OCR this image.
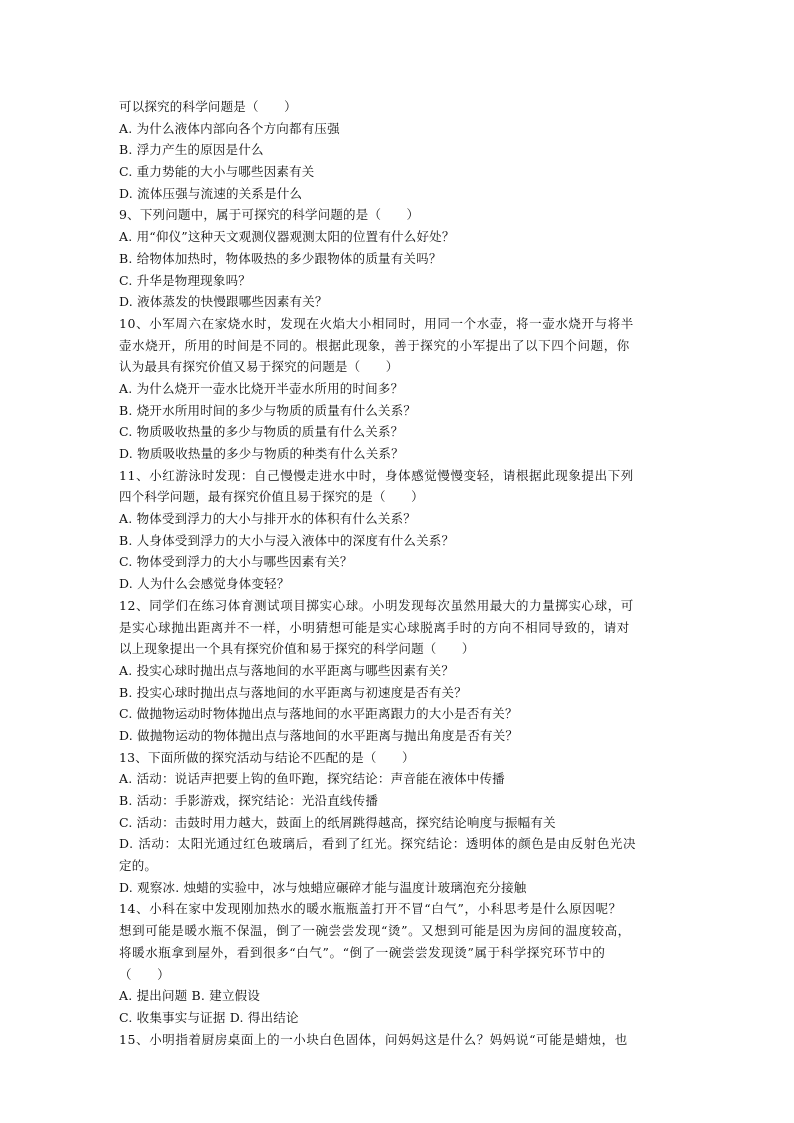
可以探究的科学问题是（　　）
A. 为什么液体内部向各个方向都有压强
B. 浮力产生的原因是什么
C. 重力势能的大小与哪些因素有关
D. 流体压强与流速的关系是什么
9、下列问题中，属于可探究的科学问题的是（　　）
A. 用“仰仪”这种天文观测仪器观测太阳的位置有什么好处？
B. 给物体加热时，物体吸热的多少跟物体的质量有关吗？
C. 升华是物理现象吗？
D. 液体蒸发的快慢跟哪些因素有关？
10、小军周六在家烧水时，发现在火焰大小相同时，用同一个水壶，将一壶水烧开与将半
壶水烧开，所用的时间是不同的。根据此现象，善于探究的小军提出了以下四个问题，你
认为最具有探究价值又易于探究的问题是（　　）
A. 为什么烧开一壶水比烧开半壶水所用的时间多？
B. 烧开水所用时间的多少与物质的质量有什么关系？
C. 物质吸收热量的多少与物质的质量有什么关系？
D. 物质吸收热量的多少与物质的种类有什么关系？
11、小红游泳时发现：自己慢慢走进水中时，身体感觉慢慢变轻，请根据此现象提出下列
四个科学问题，最有探究价值且易于探究的是（　　）
A. 物体受到浮力的大小与排开水的体积有什么关系？
B. 人身体受到浮力的大小与浸入液体中的深度有什么关系？
C. 物体受到浮力的大小与哪些因素有关？
D. 人为什么会感觉身体变轻？
12、同学们在练习体育测试项目掷实心球。小明发现每次虽然用最大的力量掷实心球，可
是实心球抛出距离并不一样，小明猜想可能是实心球脱离手时的方向不相同导致的，请对
以上现象提出一个具有探究价值和易于探究的科学问题（　　）
A. 投实心球时抛出点与落地间的水平距离与哪些因素有关？
B. 投实心球时抛出点与落地间的水平距离与初速度是否有关？
C. 做抛物运动时物体抛出点与落地间的水平距离跟力的大小是否有关？
D. 做抛物运动的物体抛出点与落地间的水平距离与抛出角度是否有关？
13、下面所做的探究活动与结论不匹配的是（　　）
A. 活动：说话声把要上钩的鱼吓跑，探究结论：声音能在液体中传播
B. 活动：手影游戏，探究结论：光沿直线传播
C. 活动：击鼓时用力越大，鼓面上的纸屑跳得越高，探究结论响度与振幅有关
D. 活动：太阳光通过红色玻璃后，看到了红光。探究结论：透明体的颜色是由反射色光决
定的。
D. 观察冰. 烛蜡的实验中，冰与烛蜡应碾碎才能与温度计玻璃泡充分接触
14、小科在家中发现刚加热水的暖水瓶瓶盖打开不冒“白气”，小科思考是什么原因呢？
想到可能是暖水瓶不保温，倒了一碗尝尝发现“烫”。又想到可能是因为房间的温度较高，
将暖水瓶拿到屋外，看到很多“白气”。“倒了一碗尝尝发现烫”属于科学探究环节中的
（　　）
A. 提出问题 B. 建立假设
C. 收集事实与证据 D. 得出结论
15、小明指着厨房桌面上的一小块白色固体，问妈妈这是什么？妈妈说“可能是蜡烛，也
